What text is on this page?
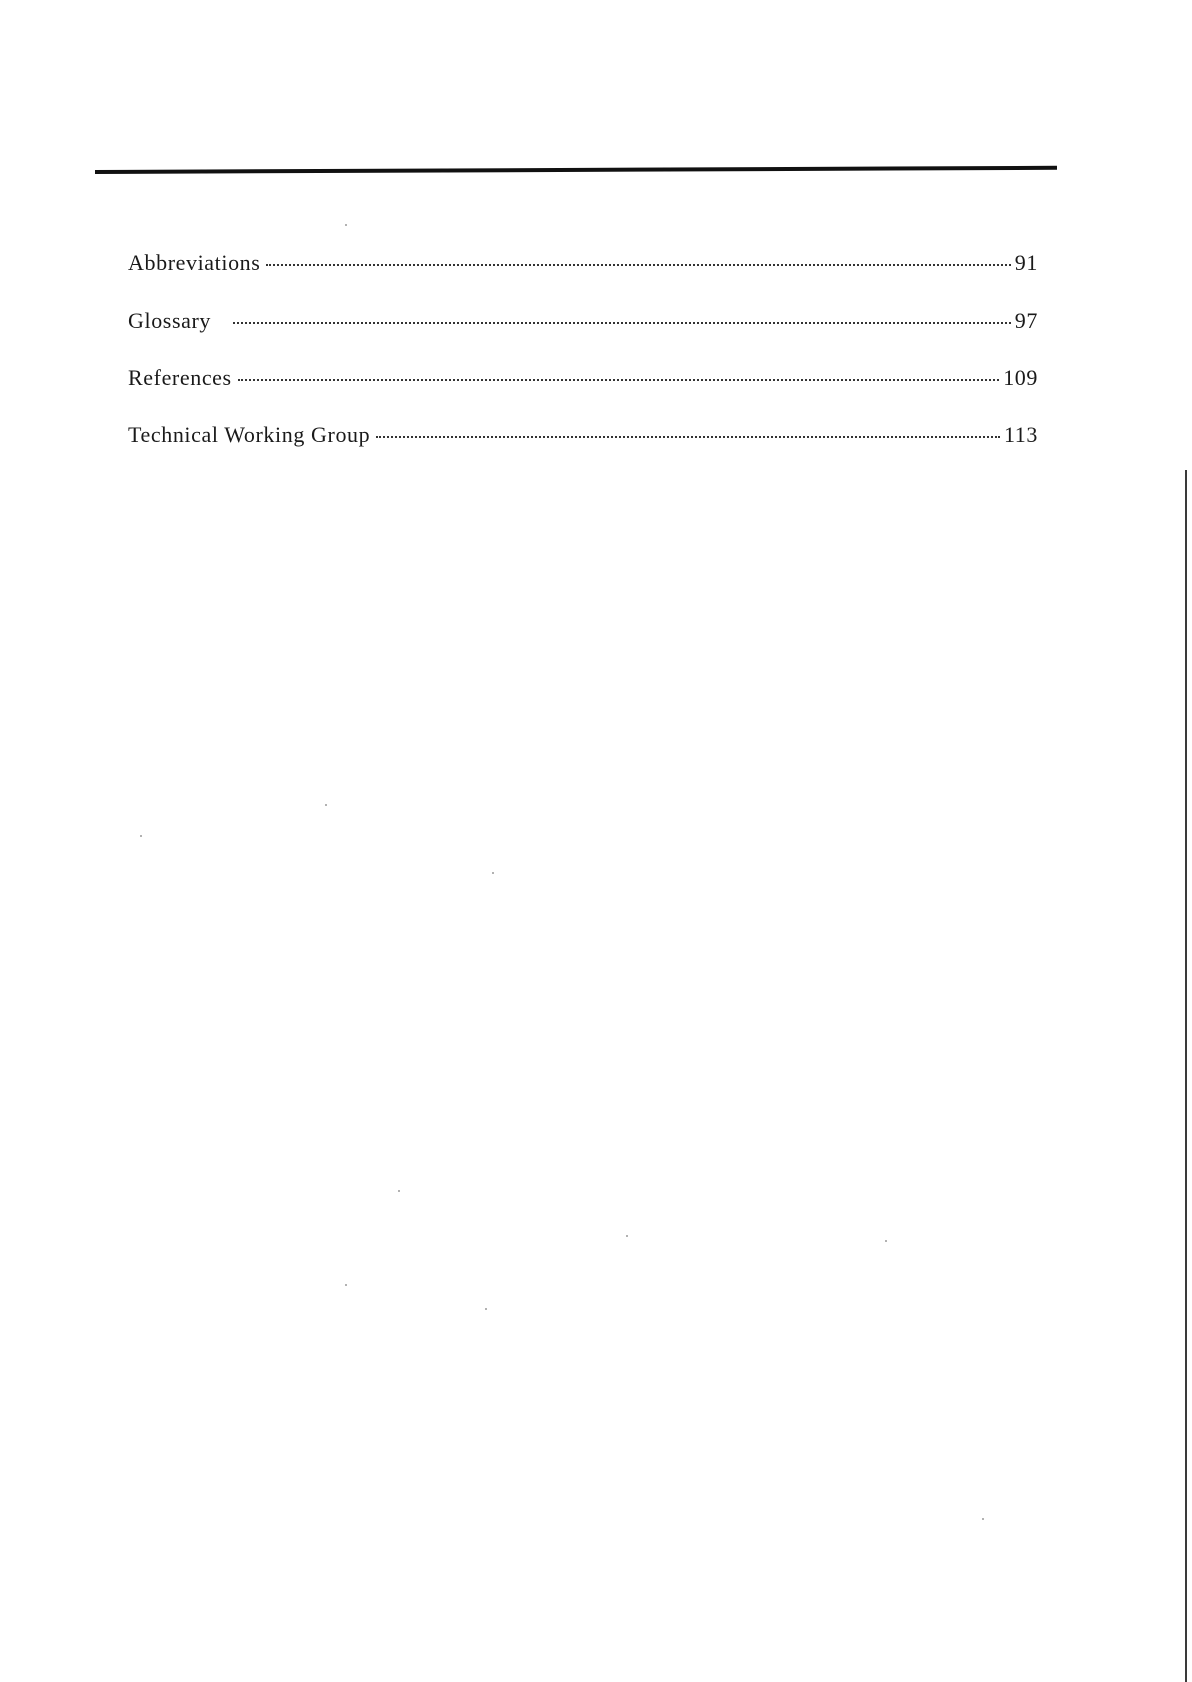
Abbreviations	91
Glossary	97
References	109
Technical Working Group	113
